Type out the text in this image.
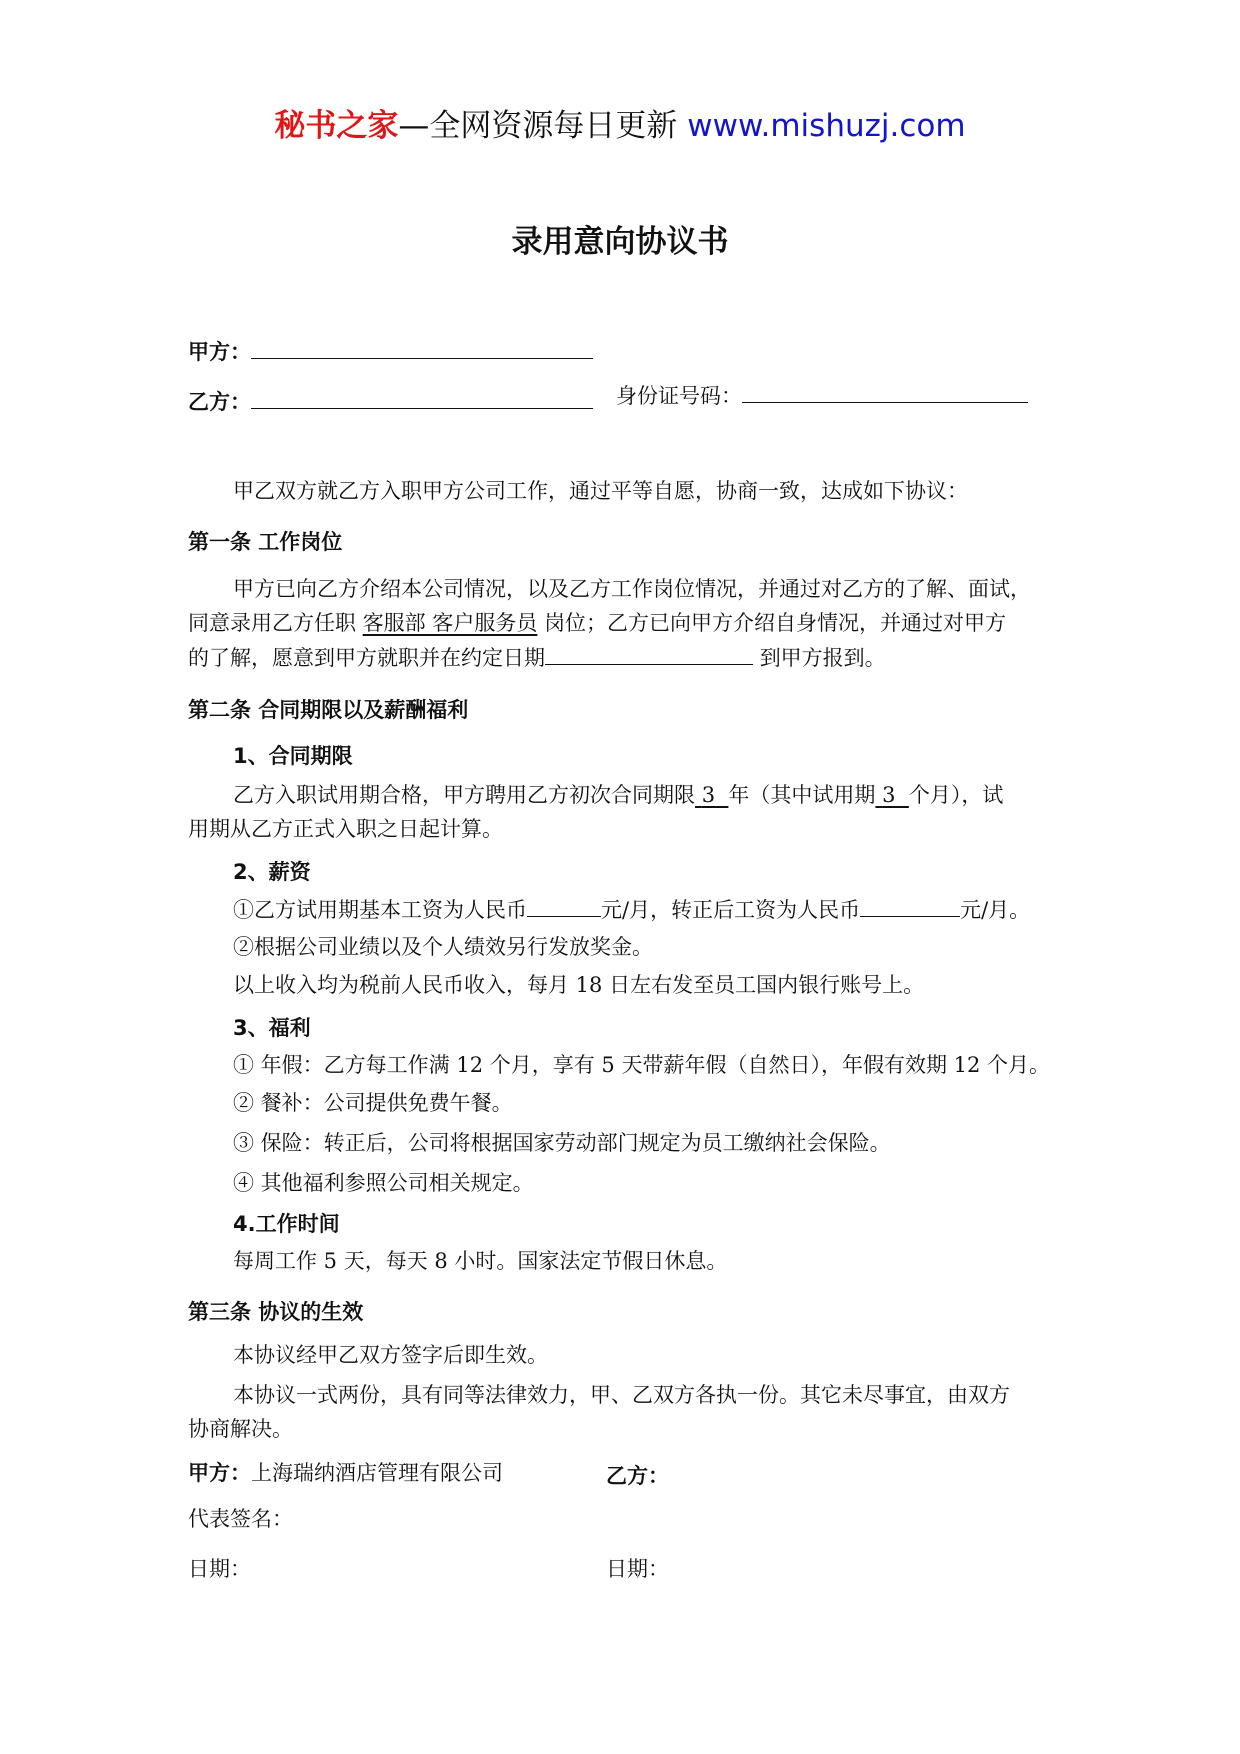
秘书之家—全网资源每日更新 www.mishuzj.com
录用意向协议书
甲方：
乙方：	身份证号码：
甲乙双方就乙方入职甲方公司工作，通过平等自愿，协商一致，达成如下协议：
第一条 工作岗位
甲方已向乙方介绍本公司情况，以及乙方工作岗位情况，并通过对乙方的了解、面试，
同意录用乙方任职 客服部 客户服务员 岗位；乙方已向甲方介绍自身情况，并通过对甲方
的了解，愿意到甲方就职并在约定日期	到甲方报到。
第二条 合同期限以及薪酬福利
1、合同期限
乙方入职试用期合格，甲方聘用乙方初次合同期限 3 年（其中试用期 3 个月），试
用期从乙方正式入职之日起计算。
2、薪资
①乙方试用期基本工资为人民币	元/月，转正后工资为人民币	元/月。
②根据公司业绩以及个人绩效另行发放奖金。
以上收入均为税前人民币收入，每月 18 日左右发至员工国内银行账号上。
3、福利
① 年假：乙方每工作满 12 个月，享有 5 天带薪年假（自然日），年假有效期 12 个月。
② 餐补：公司提供免费午餐。
③ 保险：转正后，公司将根据国家劳动部门规定为员工缴纳社会保险。
④ 其他福利参照公司相关规定。
4.工作时间
每周工作 5 天，每天 8 小时。国家法定节假日休息。
第三条 协议的生效
本协议经甲乙双方签字后即生效。
本协议一式两份，具有同等法律效力，甲、乙双方各执一份。其它未尽事宜，由双方
协商解决。
甲方：上海瑞纳酒店管理有限公司	乙方：
代表签名：
日期：	日期：
